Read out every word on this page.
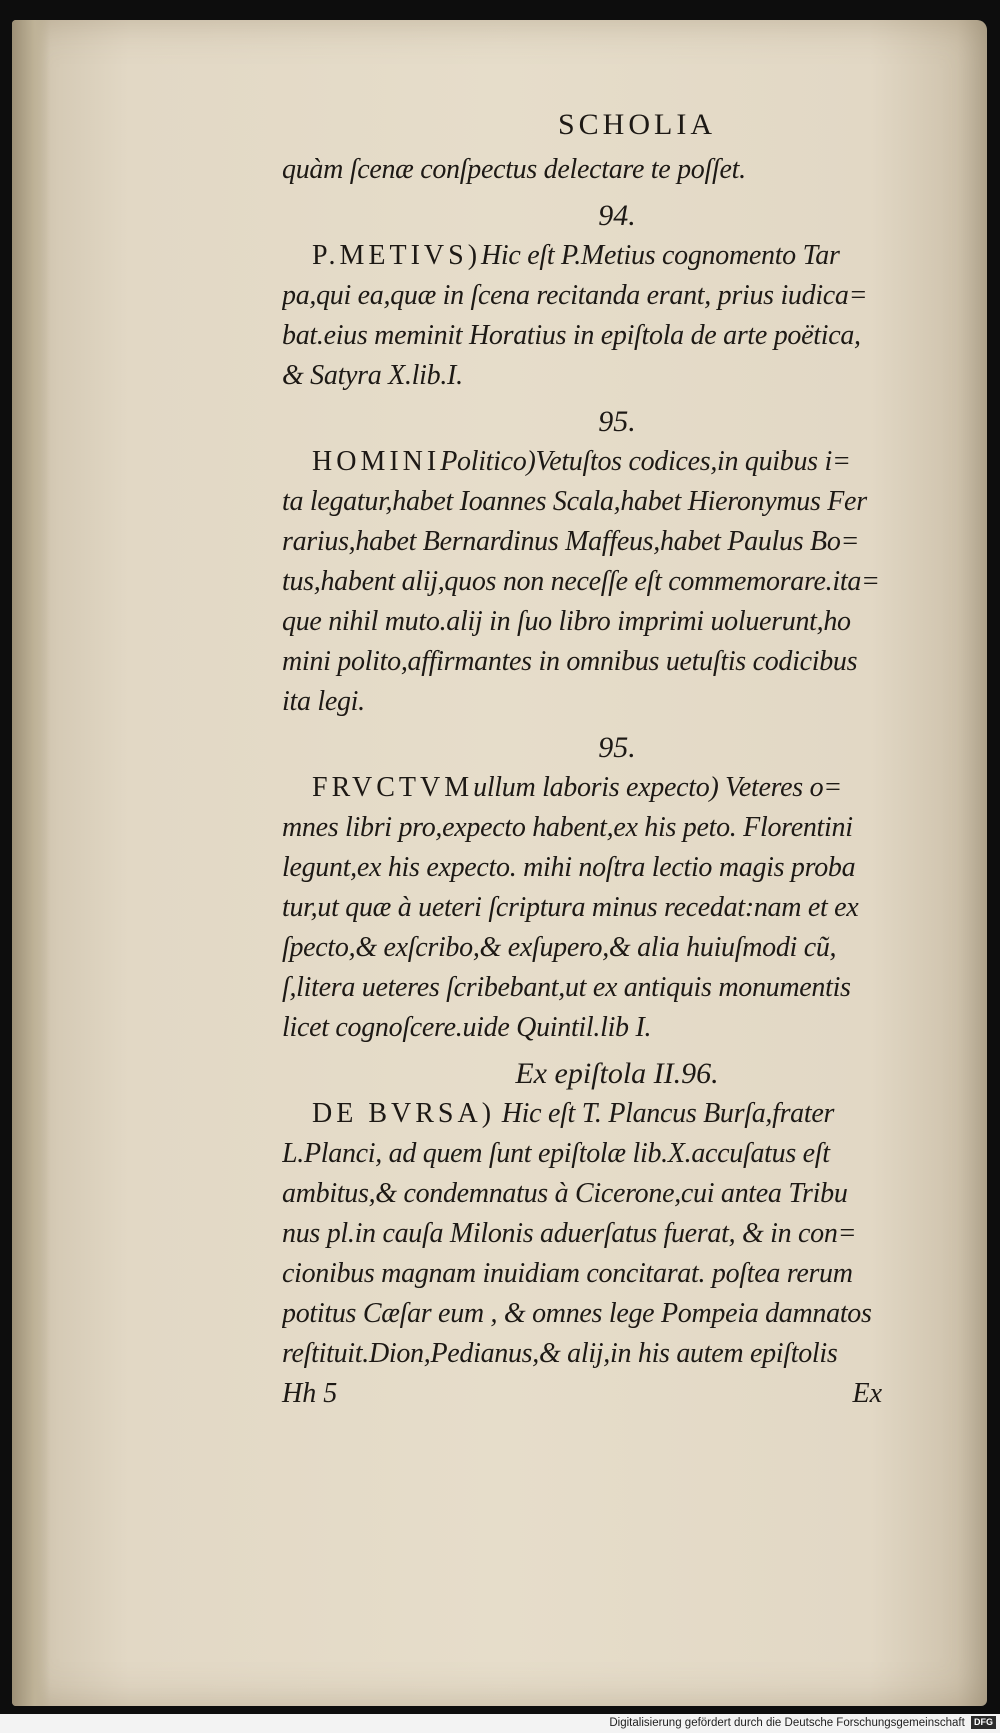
SCHOLIA
quàm ſcenæ conſpectus delectare te poſſet.
94.
P.METIVS)Hic eſt P.Metius cognomento Tar
pa,qui ea,quæ in ſcena recitanda erant, prius iudica=
bat.eius meminit Horatius in epiſtola de arte poëtica,
& Satyra X.lib.I.
95.
HOMINIPolitico)Vetuſtos codices,in quibus i=
ta legatur,habet Ioannes Scala,habet Hieronymus Fer
rarius,habet Bernardinus Maffeus,habet Paulus Bo=
tus,habent alij,quos non neceſſe eſt commemorare.ita=
que nihil muto.alij in ſuo libro imprimi uoluerunt,ho
mini polito,affirmantes in omnibus uetuſtis codicibus
ita legi.
95.
FRVCTVMullum laboris expecto) Veteres o=
mnes libri pro,expecto habent,ex his peto. Florentini
legunt,ex his expecto. mihi noſtra lectio magis proba
tur,ut quæ à ueteri ſcriptura minus recedat:nam et ex
ſpecto,& exſcribo,& exſupero,& alia huiuſmodi cũ,
ſ,litera ueteres ſcribebant,ut ex antiquis monumentis
licet cognoſcere.uide Quintil.lib I.
Ex epiſtola II.96.
DE BVRSA) Hic eſt T. Plancus Burſa,frater
L.Planci, ad quem ſunt epiſtolæ lib.X.accuſatus eſt
ambitus,& condemnatus à Cicerone,cui antea Tribu
nus pl.in cauſa Milonis aduerſatus fuerat, & in con=
cionibus magnam inuidiam concitarat. poſtea rerum
potitus Cæſar eum , & omnes lege Pompeia damnatos
reſtituit.Dion,Pedianus,& alij,in his autem epiſtolis
Hh 5	Ex
Digitalisierung gefördert durch die Deutsche Forschungsgemeinschaft DFG
